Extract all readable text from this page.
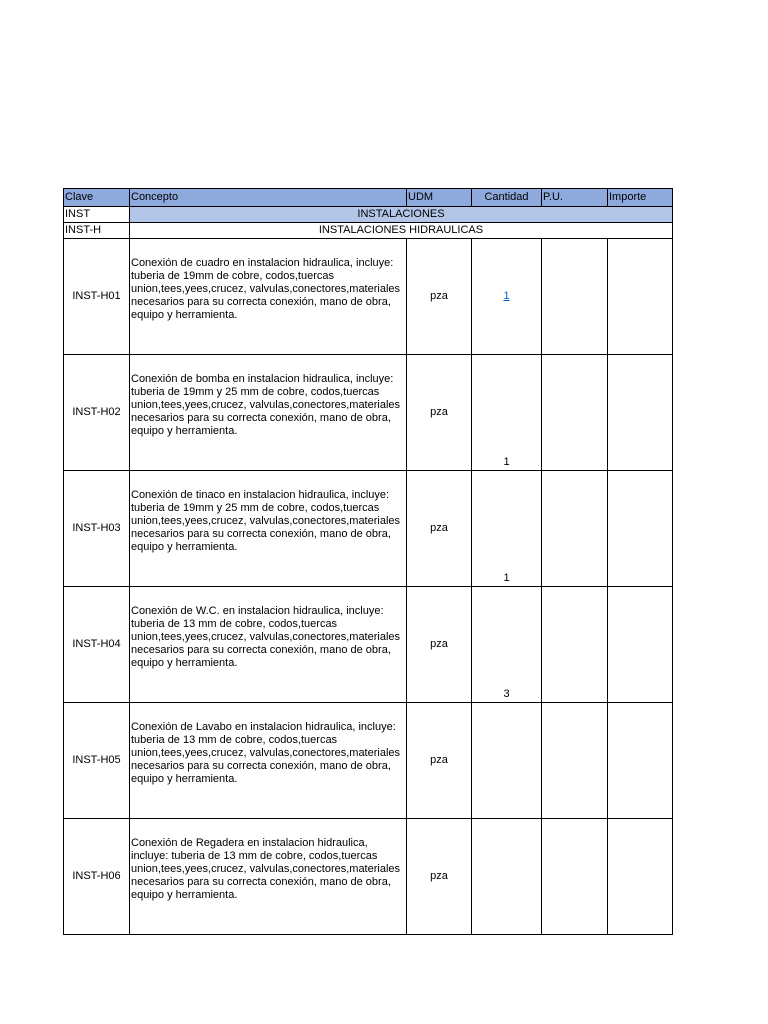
Clave	Concepto	UDM	Cantidad	P.U.	Importe
INST	INSTALACIONES				
INST-H	INSTALACIONES HIDRAULICAS				
INST-H01	Conexión de cuadro en instalacion hidraulica, incluye: tuberia de 19mm de cobre, codos,tuercas union,tees,yees,crucez, valvulas,conectores,materiales necesarios para su correcta conexión, mano de obra, equipo y herramienta.	pza	1		
INST-H02	Conexión de bomba en instalacion hidraulica, incluye: tuberia de 19mm y 25 mm de cobre, codos,tuercas union,tees,yees,crucez, valvulas,conectores,materiales necesarios para su correcta conexión, mano de obra, equipo y herramienta.	pza	1		
INST-H03	Conexión de tinaco en instalacion hidraulica, incluye: tuberia de 19mm y 25 mm de cobre, codos,tuercas union,tees,yees,crucez, valvulas,conectores,materiales necesarios para su correcta conexión, mano de obra, equipo y herramienta.	pza	1		
INST-H04	Conexión de W.C. en instalacion hidraulica, incluye: tuberia de 13 mm de cobre, codos,tuercas union,tees,yees,crucez, valvulas,conectores,materiales necesarios para su correcta conexión, mano de obra, equipo y herramienta.	pza	3		
INST-H05	Conexión de Lavabo en instalacion hidraulica, incluye: tuberia de 13 mm de cobre, codos,tuercas union,tees,yees,crucez, valvulas,conectores,materiales necesarios para su correcta conexión, mano de obra, equipo y herramienta.	pza			
INST-H06	Conexión de Regadera en instalacion hidraulica, incluye: tuberia de 13 mm de cobre, codos,tuercas union,tees,yees,crucez, valvulas,conectores,materiales necesarios para su correcta conexión, mano de obra, equipo y herramienta.	pza			
